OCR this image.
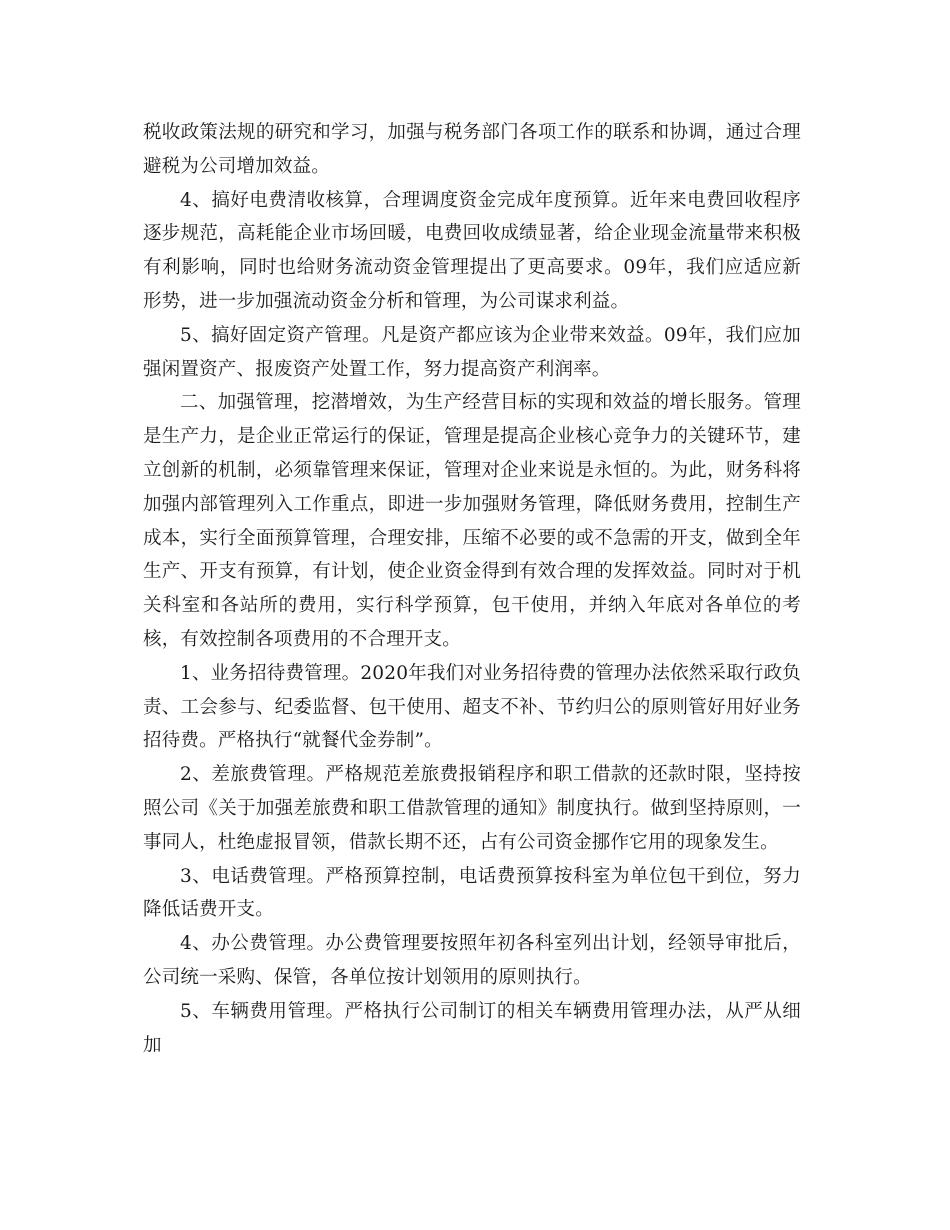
税收政策法规的研究和学习，加强与税务部门各项工作的联系和协调，通过合理避税为公司增加效益。

4、搞好电费清收核算，合理调度资金完成年度预算。近年来电费回收程序逐步规范，高耗能企业市场回暖，电费回收成绩显著，给企业现金流量带来积极有利影响，同时也给财务流动资金管理提出了更高要求。09年，我们应适应新形势，进一步加强流动资金分析和管理，为公司谋求利益。

5、搞好固定资产管理。凡是资产都应该为企业带来效益。09年，我们应加强闲置资产、报废资产处置工作，努力提高资产利润率。

二、加强管理，挖潜增效，为生产经营目标的实现和效益的增长服务。管理是生产力，是企业正常运行的保证，管理是提高企业核心竞争力的关键环节，建立创新的机制，必须靠管理来保证，管理对企业来说是永恒的。为此，财务科将加强内部管理列入工作重点，即进一步加强财务管理，降低财务费用，控制生产成本，实行全面预算管理，合理安排，压缩不必要的或不急需的开支，做到全年生产、开支有预算，有计划，使企业资金得到有效合理的发挥效益。同时对于机关科室和各站所的费用，实行科学预算，包干使用，并纳入年底对各单位的考核，有效控制各项费用的不合理开支。

1、业务招待费管理。2020年我们对业务招待费的管理办法依然采取行政负责、工会参与、纪委监督、包干使用、超支不补、节约归公的原则管好用好业务招待费。严格执行“就餐代金券制”。

2、差旅费管理。严格规范差旅费报销程序和职工借款的还款时限，坚持按照公司《关于加强差旅费和职工借款管理的通知》制度执行。做到坚持原则，一事同人，杜绝虚报冒领，借款长期不还，占有公司资金挪作它用的现象发生。

3、电话费管理。严格预算控制，电话费预算按科室为单位包干到位，努力降低话费开支。

4、办公费管理。办公费管理要按照年初各科室列出计划，经领导审批后，公司统一采购、保管，各单位按计划领用的原则执行。

5、车辆费用管理。严格执行公司制订的相关车辆费用管理办法，从严从细加
